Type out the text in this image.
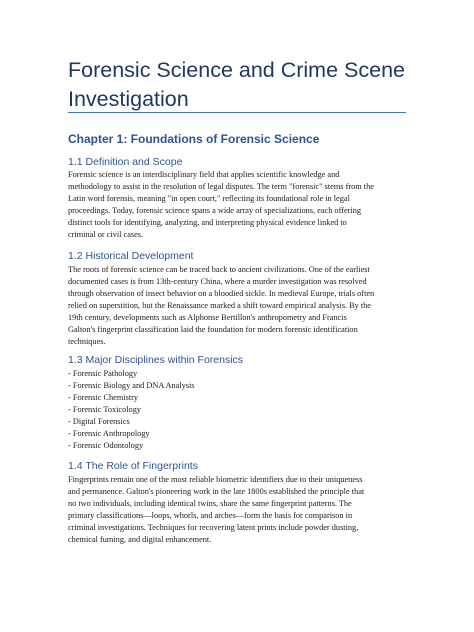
Forensic Science and Crime Scene Investigation
Chapter 1: Foundations of Forensic Science
1.1 Definition and Scope

Forensic science is an interdisciplinary field that applies scientific knowledge and
methodology to assist in the resolution of legal disputes. The term "forensic" stems from the
Latin word forensis, meaning "in open court," reflecting its foundational role in legal
proceedings. Today, forensic science spans a wide array of specializations, each offering
distinct tools for identifying, analyzing, and interpreting physical evidence linked to
criminal or civil cases.

1.2 Historical Development

The roots of forensic science can be traced back to ancient civilizations. One of the earliest
documented cases is from 13th-century China, where a murder investigation was resolved
through observation of insect behavior on a bloodied sickle. In medieval Europe, trials often
relied on superstition, but the Renaissance marked a shift toward empirical analysis. By the
19th century, developments such as Alphonse Bertillon's anthropometry and Francis
Galton's fingerprint classification laid the foundation for modern forensic identification
techniques.

1.3 Major Disciplines within Forensics
- Forensic Pathology
- Forensic Biology and DNA Analysis
- Forensic Chemistry
- Forensic Toxicology
- Digital Forensics
- Forensic Anthropology
- Forensic Odontology
1.4 The Role of Fingerprints

Fingerprints remain one of the most reliable biometric identifiers due to their uniqueness
and permanence. Galton's pioneering work in the late 1800s established the principle that
no two individuals, including identical twins, share the same fingerprint patterns. The
primary classifications—loops, whorls, and arches—form the basis for comparison in
criminal investigations. Techniques for recovering latent prints include powder dusting,
chemical fuming, and digital enhancement.
